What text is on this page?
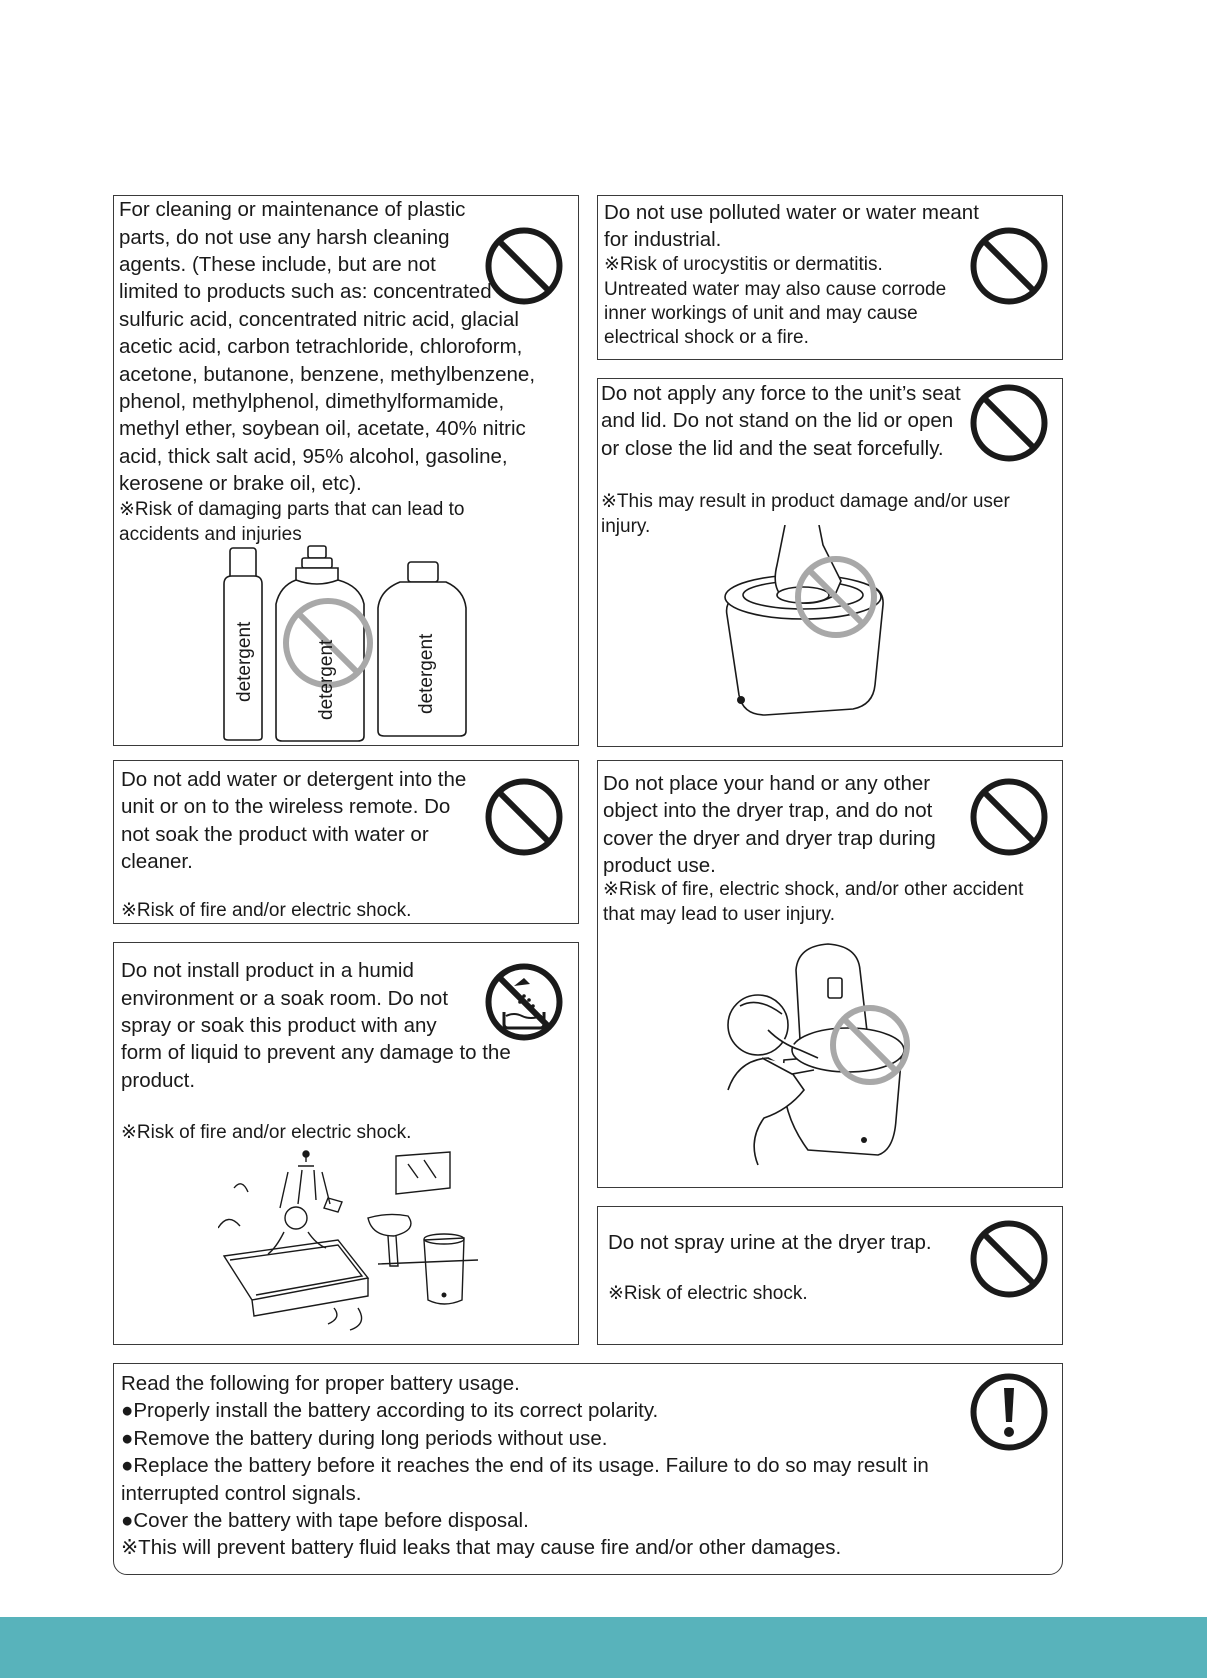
For cleaning or maintenance of plastic
parts, do not use any harsh cleaning
agents. (These include, but are not
limited to products such as: concentrated
sulfuric acid, concentrated nitric acid, glacial
acetic acid, carbon tetrachloride, chloroform,
acetone, butanone, benzene, methylbenzene,
phenol, methylphenol, dimethylformamide,
methyl ether, soybean oil, acetate, 40% nitric
acid, thick salt acid, 95% alcohol, gasoline,
kerosene or brake oil, etc).
※Risk of damaging parts that can lead to
accidents and injuries
detergent	detergent	detergent
Do not use polluted water or water meant
for industrial.
※Risk of urocystitis or dermatitis.
Untreated water may also cause corrode
inner workings of unit and may cause
electrical shock or a fire.
Do not apply any force to the unit’s seat
and lid. Do not stand on the lid or open
or close the lid and the seat forcefully.
※This may result in product damage and/or user
injury.
Do not add water or detergent into the
unit or on to the wireless remote. Do
not soak the product with water or
cleaner.
※Risk of fire and/or electric shock.
Do not place your hand or any other
object into the dryer trap, and do not
cover the dryer and dryer trap during
product use.
※Risk of fire, electric shock, and/or other accident
that may lead to user injury.
Do not install product in a humid
environment or a soak room. Do not
spray or soak this product with any
form of liquid to prevent any damage to the
product.
※Risk of fire and/or electric shock.
Do not spray urine at the dryer trap.
※Risk of electric shock.
Read the following for proper battery usage.
●Properly install the battery according to its correct polarity.
●Remove the battery during long periods without use.
●Replace the battery before it reaches the end of its usage. Failure to do so may result in
interrupted control signals.
●Cover the battery with tape before disposal.
※This will prevent battery fluid leaks that may cause fire and/or other damages.
